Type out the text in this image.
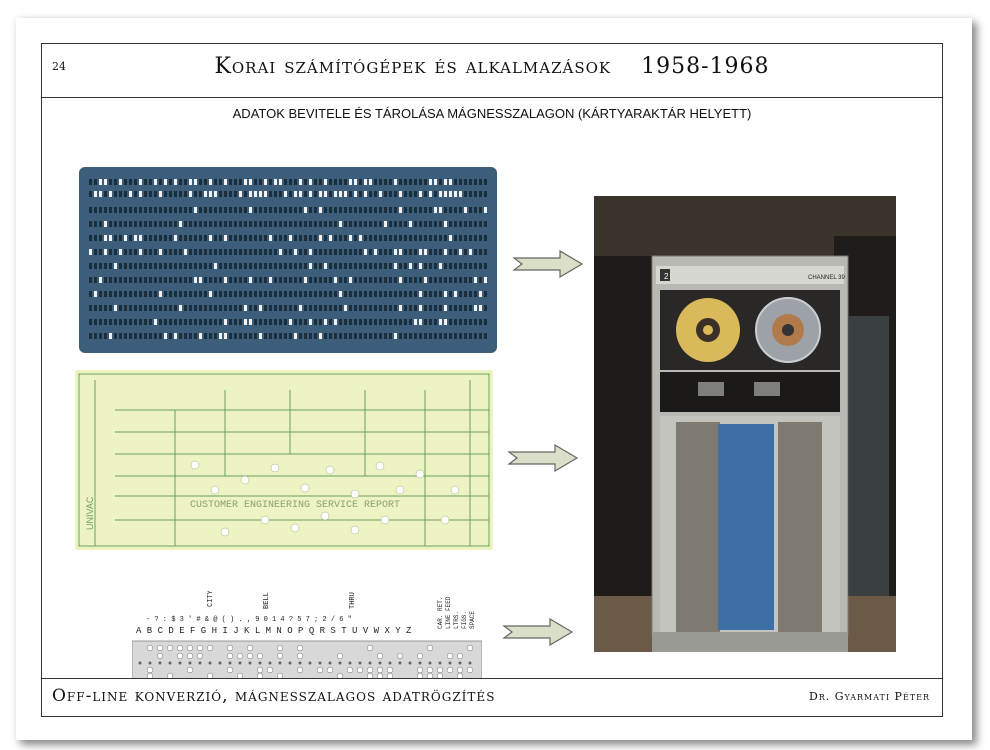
24	Korai számítógépek és alkalmazások 1958-1968
ADATOK BEVITELE ÉS TÁROLÁSA MÁGNESSZALAGON (KÁRTYARAKTÁR HELYETT)
UNIVAC	CUSTOMER ENGINEERING SERVICE REPORT
CITY	BELL	THRU	CAR. RET. LINE FEED LTRS. FIGS. SPACE
- ? : $ 3 ' # & @ ( ) . , 9 0 1 4 ? 5 7 ; 2 / 6 "
A B C D E F G H I J K L M N O P Q R S T U V W X Y Z
2	CHANNEL 39
Off-line konverzió, mágnesszalagos adatrögzítés	Dr. Gyarmati Péter
